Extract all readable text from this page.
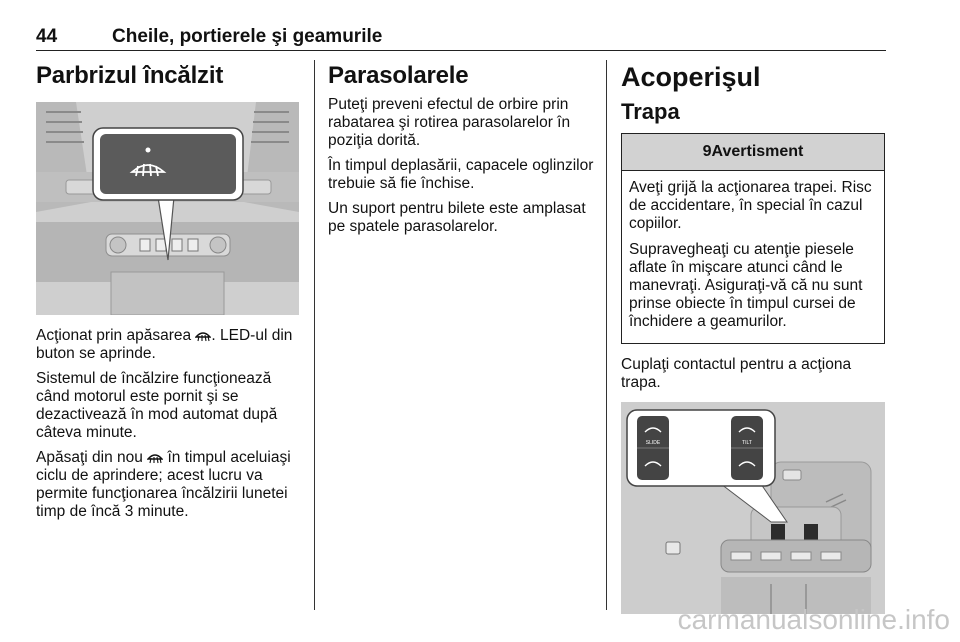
44	Cheile, portierele şi geamurile
Parbrizul încălzit

Acţionat prin apăsarea . LED-ul din buton se aprinde.

Sistemul de încălzire funcţionează când motorul este pornit şi se dezactivează în mod automat după câteva minute.

Apăsaţi din nou  în timpul aceluiaşi ciclu de aprindere; acest lucru va permite funcţionarea încălzirii lunetei timp de încă 3 minute.

Parasolarele

Puteţi preveni efectul de orbire prin rabatarea şi rotirea parasolarelor în poziţia dorită.

În timpul deplasării, capacele oglinzilor trebuie să fie închise.

Un suport pentru bilete este amplasat pe spatele parasolarelor.

Acoperişul
Trapa
9Avertisment

Aveţi grijă la acţionarea trapei. Risc de accidentare, în special în cazul copiilor.

Supravegheaţi cu atenţie piesele aflate în mişcare atunci când le manevraţi. Asiguraţi-vă că nu sunt prinse obiecte în timpul cursei de închidere a geamurilor.

Cuplaţi contactul pentru a acţiona trapa.

SLIDE	TILT
carmanualsonline.info
